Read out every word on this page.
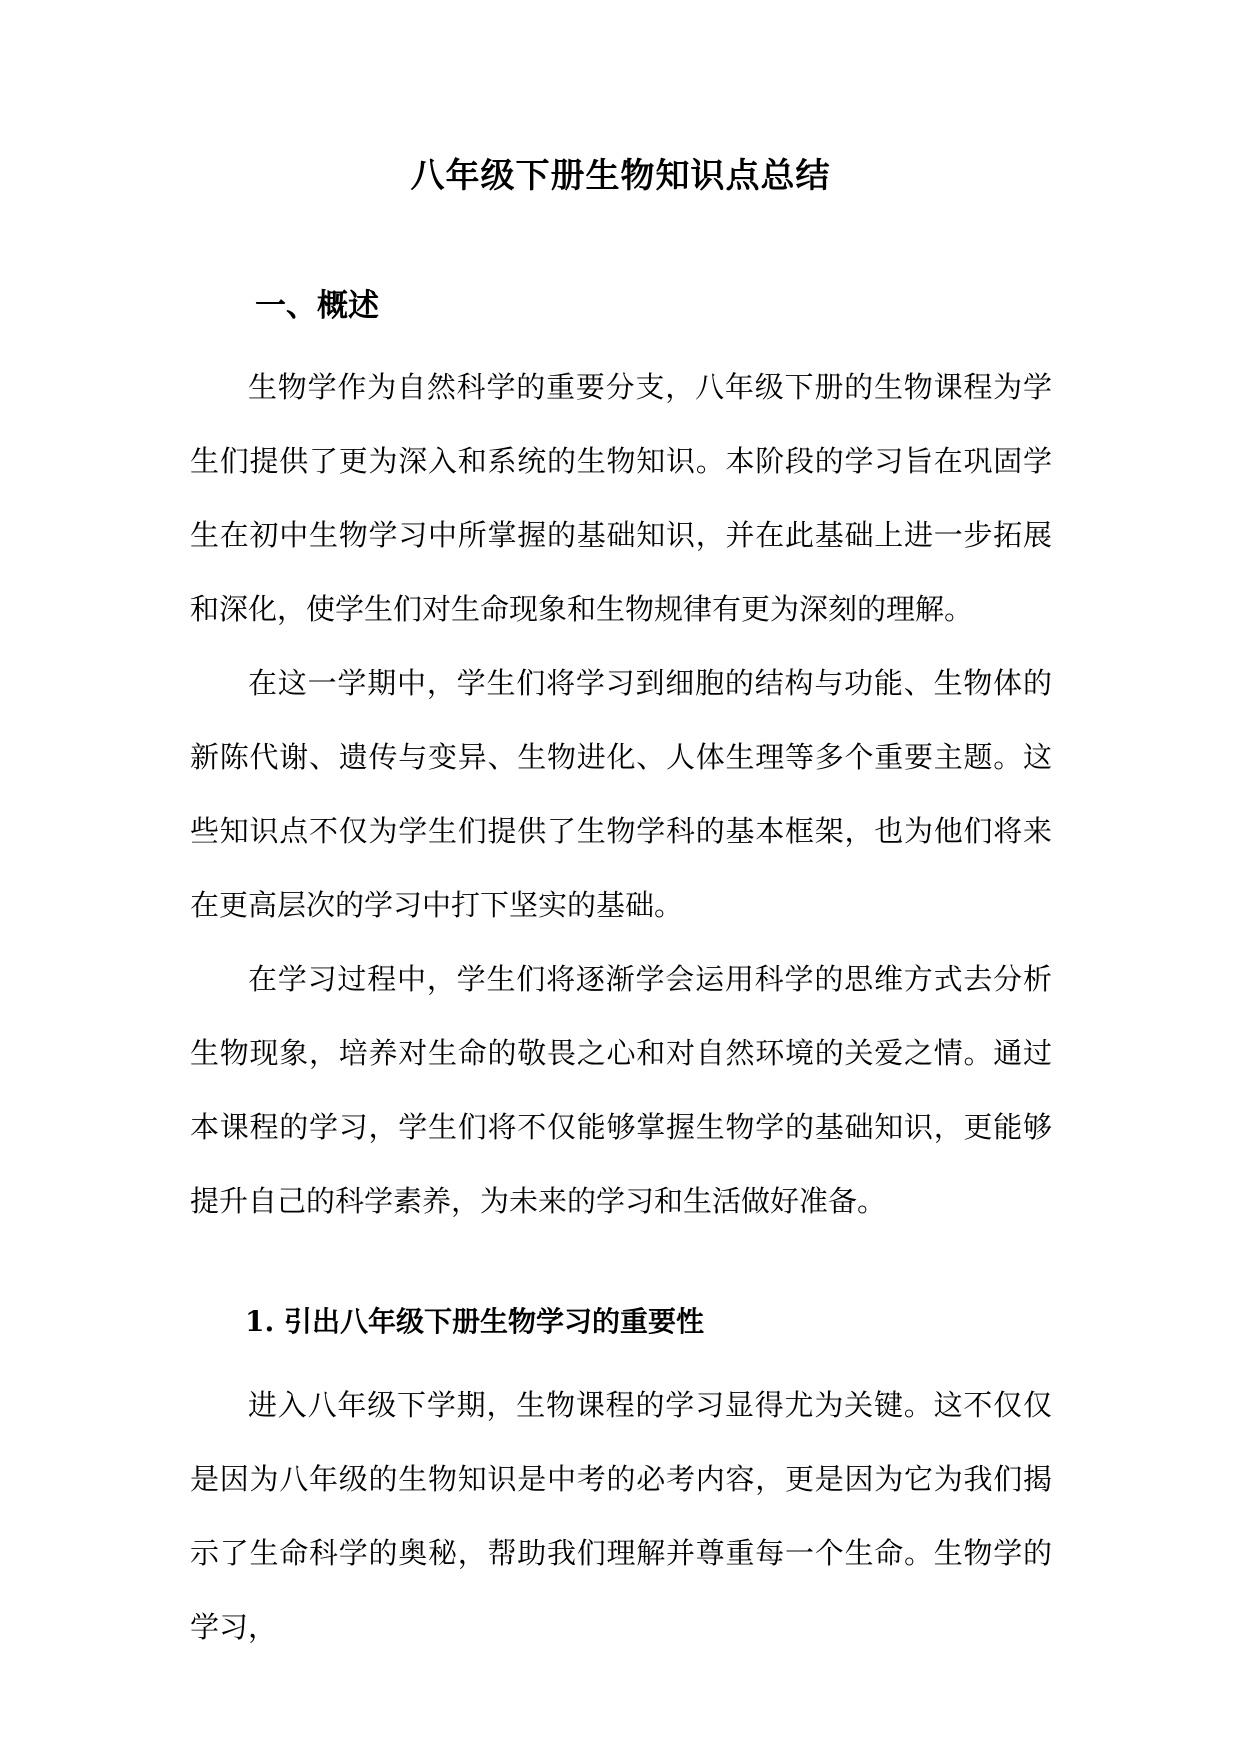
八年级下册生物知识点总结
一、概述

生物学作为自然科学的重要分支，八年级下册的生物课程为学生们提供了更为深入和系统的生物知识。本阶段的学习旨在巩固学生在初中生物学习中所掌握的基础知识，并在此基础上进一步拓展和深化，使学生们对生命现象和生物规律有更为深刻的理解。

在这一学期中，学生们将学习到细胞的结构与功能、生物体的新陈代谢、遗传与变异、生物进化、人体生理等多个重要主题。这些知识点不仅为学生们提供了生物学科的基本框架，也为他们将来在更高层次的学习中打下坚实的基础。

在学习过程中，学生们将逐渐学会运用科学的思维方式去分析生物现象，培养对生命的敬畏之心和对自然环境的关爱之情。通过本课程的学习，学生们将不仅能够掌握生物学的基础知识，更能够提升自己的科学素养，为未来的学习和生活做好准备。

1. 引出八年级下册生物学习的重要性

进入八年级下学期，生物课程的学习显得尤为关键。这不仅仅是因为八年级的生物知识是中考的必考内容，更是因为它为我们揭示了生命科学的奥秘，帮助我们理解并尊重每一个生命。生物学的学习，
